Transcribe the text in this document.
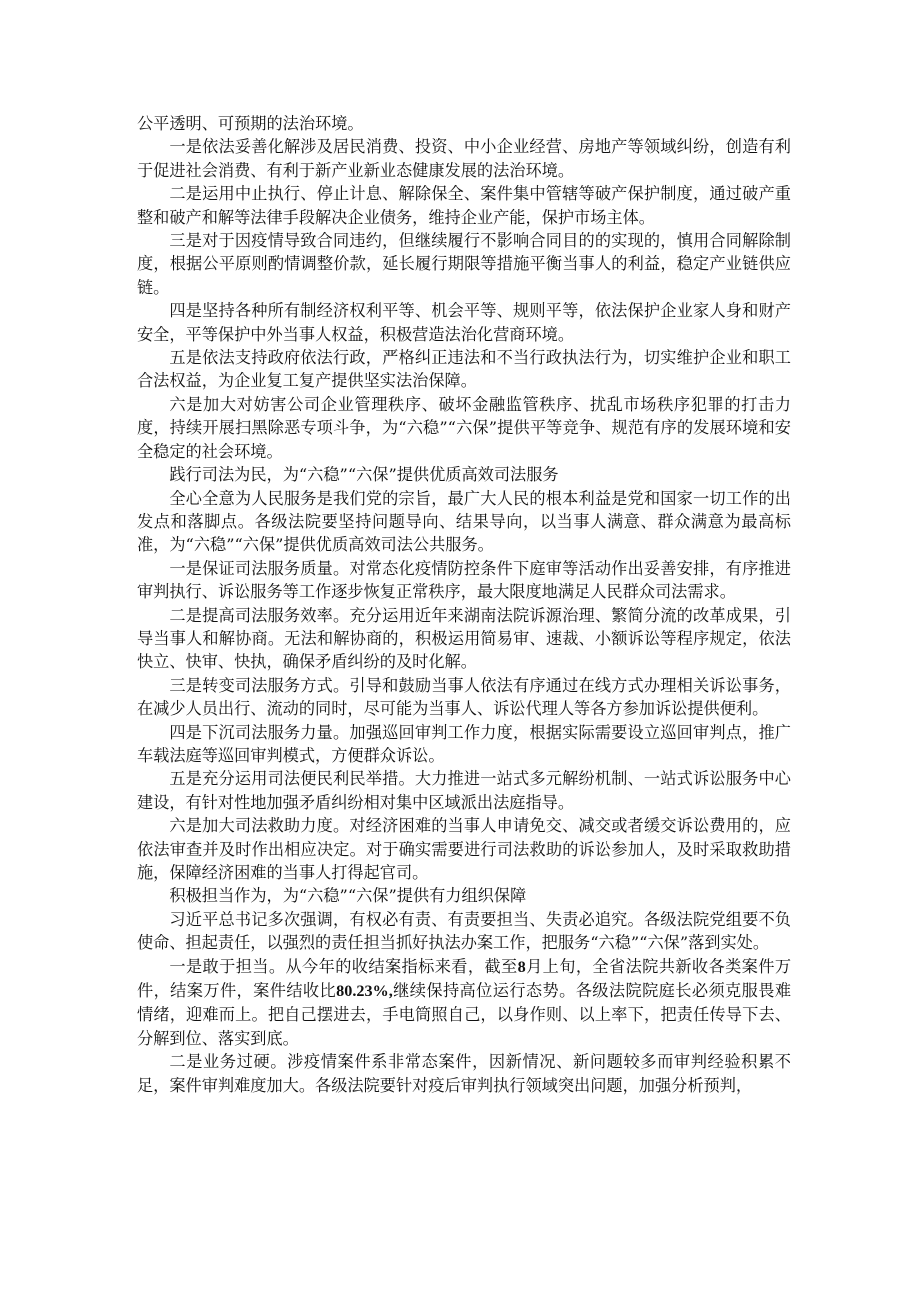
公平透明、可预期的法治环境。

一是依法妥善化解涉及居民消费、投资、中小企业经营、房地产等领域纠纷，创造有利于促进社会消费、有利于新产业新业态健康发展的法治环境。

二是运用中止执行、停止计息、解除保全、案件集中管辖等破产保护制度，通过破产重整和破产和解等法律手段解决企业债务，维持企业产能，保护市场主体。

三是对于因疫情导致合同违约，但继续履行不影响合同目的的实现的，慎用合同解除制度，根据公平原则酌情调整价款，延长履行期限等措施平衡当事人的利益，稳定产业链供应链。

四是坚持各种所有制经济权利平等、机会平等、规则平等，依法保护企业家人身和财产安全，平等保护中外当事人权益，积极营造法治化营商环境。

五是依法支持政府依法行政，严格纠正违法和不当行政执法行为，切实维护企业和职工合法权益，为企业复工复产提供坚实法治保障。

六是加大对妨害公司企业管理秩序、破坏金融监管秩序、扰乱市场秩序犯罪的打击力度，持续开展扫黑除恶专项斗争，为“六稳”“六保”提供平等竞争、规范有序的发展环境和安全稳定的社会环境。

践行司法为民，为“六稳”“六保”提供优质高效司法服务

全心全意为人民服务是我们党的宗旨，最广大人民的根本利益是党和国家一切工作的出发点和落脚点。各级法院要坚持问题导向、结果导向，以当事人满意、群众满意为最高标准，为“六稳”“六保”提供优质高效司法公共服务。

一是保证司法服务质量。对常态化疫情防控条件下庭审等活动作出妥善安排，有序推进审判执行、诉讼服务等工作逐步恢复正常秩序，最大限度地满足人民群众司法需求。

二是提高司法服务效率。充分运用近年来湖南法院诉源治理、繁简分流的改革成果，引导当事人和解协商。无法和解协商的，积极运用简易审、速裁、小额诉讼等程序规定，依法快立、快审、快执，确保矛盾纠纷的及时化解。

三是转变司法服务方式。引导和鼓励当事人依法有序通过在线方式办理相关诉讼事务，在减少人员出行、流动的同时，尽可能为当事人、诉讼代理人等各方参加诉讼提供便利。

四是下沉司法服务力量。加强巡回审判工作力度，根据实际需要设立巡回审判点，推广车载法庭等巡回审判模式，方便群众诉讼。

五是充分运用司法便民利民举措。大力推进一站式多元解纷机制、一站式诉讼服务中心建设，有针对性地加强矛盾纠纷相对集中区域派出法庭指导。

六是加大司法救助力度。对经济困难的当事人申请免交、减交或者缓交诉讼费用的，应依法审查并及时作出相应决定。对于确实需要进行司法救助的诉讼参加人，及时采取救助措施，保障经济困难的当事人打得起官司。

积极担当作为，为“六稳”“六保”提供有力组织保障

习近平总书记多次强调，有权必有责、有责要担当、失责必追究。各级法院党组要不负使命、担起责任，以强烈的责任担当抓好执法办案工作，把服务“六稳”“六保”落到实处。

一是敢于担当。从今年的收结案指标来看，截至8月上旬，全省法院共新收各类案件万件，结案万件，案件结收比80.23%,继续保持高位运行态势。各级法院院庭长必须克服畏难情绪，迎难而上。把自己摆进去，手电筒照自己，以身作则、以上率下，把责任传导下去、分解到位、落实到底。

二是业务过硬。涉疫情案件系非常态案件，因新情况、新问题较多而审判经验积累不足，案件审判难度加大。各级法院要针对疫后审判执行领域突出问题，加强分析预判，
